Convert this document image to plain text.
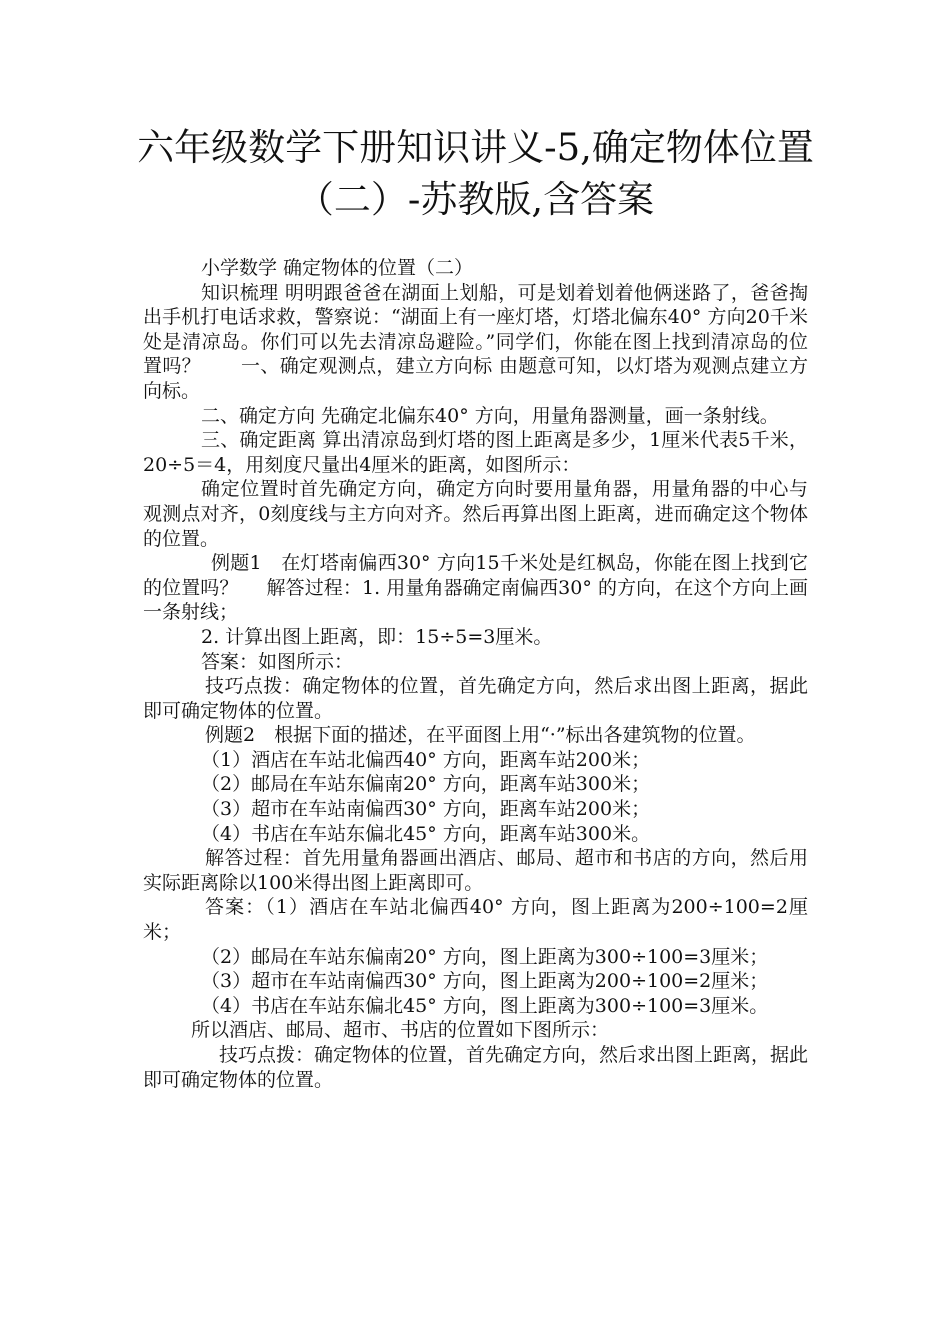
六年级数学下册知识讲义-5,确定物体位置
（二）-苏教版,含答案

小学数学 确定物体的位置（二）

知识梳理 明明跟爸爸在湖面上划船，可是划着划着他俩迷路了，爸爸掏出手机打电话求救，警察说：“湖面上有一座灯塔，灯塔北偏东40° 方向20千米处是清凉岛。你们可以先去清凉岛避险。”同学们，你能在图上找到清凉岛的位置吗？ 一、确定观测点，建立方向标 由题意可知，以灯塔为观测点建立方向标。

二、确定方向 先确定北偏东40° 方向，用量角器测量，画一条射线。

三、确定距离 算出清凉岛到灯塔的图上距离是多少，1厘米代表5千米，20÷5＝4，用刻度尺量出4厘米的距离，如图所示：

确定位置时首先确定方向，确定方向时要用量角器，用量角器的中心与观测点对齐，0刻度线与主方向对齐。然后再算出图上距离，进而确定这个物体的位置。

例题1　在灯塔南偏西30° 方向15千米处是红枫岛，你能在图上找到它的位置吗？ 解答过程：1. 用量角器确定南偏西30° 的方向，在这个方向上画一条射线；

2. 计算出图上距离，即：15÷5=3厘米。

答案：如图所示：

技巧点拨：确定物体的位置，首先确定方向，然后求出图上距离，据此即可确定物体的位置。

例题2　根据下面的描述，在平面图上用“·”标出各建筑物的位置。

（1）酒店在车站北偏西40° 方向，距离车站200米；

（2）邮局在车站东偏南20° 方向，距离车站300米；

（3）超市在车站南偏西30° 方向，距离车站200米；

（4）书店在车站东偏北45° 方向，距离车站300米。

解答过程：首先用量角器画出酒店、邮局、超市和书店的方向，然后用实际距离除以100米得出图上距离即可。

答案：（1）酒店在车站北偏西40° 方向，图上距离为200÷100=2厘米；

（2）邮局在车站东偏南20° 方向，图上距离为300÷100=3厘米；

（3）超市在车站南偏西30° 方向，图上距离为200÷100=2厘米；

（4）书店在车站东偏北45° 方向，图上距离为300÷100=3厘米。

所以酒店、邮局、超市、书店的位置如下图所示：

技巧点拨：确定物体的位置，首先确定方向，然后求出图上距离，据此即可确定物体的位置。
